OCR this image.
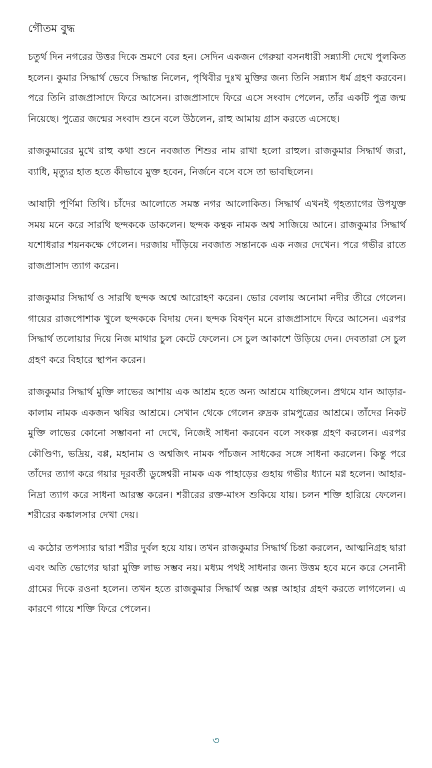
গৌতম বুদ্ধ

চতুর্থ দিন নগরের উত্তর দিকে ভ্রমণে বের হন। সেদিন একজন গেরুয়া বসনধারী সন্ন্যাসী দেখে পুলকিত হলেন। কুমার সিদ্ধার্থ ভেবে সিদ্ধান্ত নিলেন, পৃথিবীর দুঃখ মুক্তির জন্য তিনি সন্ন্যাস ধর্ম গ্রহণ করবেন। পরে তিনি রাজপ্রাসাদে ফিরে আসেন। রাজপ্রাসাদে ফিরে এসে সংবাদ পেলেন, তাঁর একটি পুত্র জন্ম নিয়েছে। পুত্রের জন্মের সংবাদ শুনে বলে উঠলেন, রাহু আমায় গ্রাস করতে এসেছে।

রাজকুমারের মুখে রাহু কথা শুনে নবজাত শিশুর নাম রাখা হলো রাহুল। রাজকুমার সিদ্ধার্থ জরা, ব্যাধি, মৃত্যুর হাত হতে কীভাবে মুক্ত হবেন, নির্জনে বসে বসে তা ভাবছিলেন।

আষাঢ়ী পূর্ণিমা তিথি। চাঁদের আলোতে সমস্ত নগর আলোকিত। সিদ্ধার্থ এখনই গৃহত্যাগের উপযুক্ত সময় মনে করে সারথি ছন্দককে ডাকলেন। ছন্দক কন্থক নামক অশ্ব সাজিয়ে আনে। রাজকুমার সিদ্ধার্থ যশোধরার শয়নকক্ষে গেলেন। দরজায় দাঁড়িয়ে নবজাত সন্তানকে এক নজর দেখেন। পরে গভীর রাতে রাজপ্রাসাদ ত্যাগ করেন।

রাজকুমার সিদ্ধার্থ ও সারথি ছন্দক অশ্বে আরোহণ করেন। ভোর বেলায় অনোমা নদীর তীরে গেলেন। গায়ের রাজপোশাক খুলে ছন্দককে বিদায় দেন। ছন্দক বিষণ্ন মনে রাজপ্রাসাদে ফিরে আসেন। এরপর সিদ্ধার্থ তলোয়ার দিয়ে নিজ মাথার চুল কেটে ফেলেন। সে চুল আকাশে উড়িয়ে দেন। দেবতারা সে চুল গ্রহণ করে বিহারে স্থাপন করেন।

রাজকুমার সিদ্ধার্থ মুক্তি লাভের আশায় এক আশ্রম হতে অন্য আশ্রমে যাচ্ছিলেন। প্রথমে যান আড়ার-কালাম নামক একজন ঋষির আশ্রমে। সেখান থেকে গেলেন রুদ্রক রামপুত্রের আশ্রমে। তাঁদের নিকট মুক্তি লাভের কোনো সম্ভাবনা না দেখে, নিজেই সাধনা করবেন বলে সংকল্প গ্রহণ করলেন। এরপর কৌণ্ডিণ্য, ভদ্রিয়, বপ্প, মহানাম ও অশ্বজিৎ নামক পাঁচজন সাধকের সঙ্গে সাধনা করলেন। কিন্তু পরে তাঁদের ত্যাগ করে গয়ার দূরবর্তী ডুঙ্গেশ্বরী নামক এক পাহাড়ের গুহায় গভীর ধ্যানে মগ্ন হলেন। আহার-নিদ্রা ত্যাগ করে সাধনা আরম্ভ করেন। শরীরের রক্ত-মাংস শুকিয়ে যায়। চলন শক্তি হারিয়ে ফেলেন। শরীরের কঙ্কালসার দেখা দেয়।

এ কঠোর তপস্যার দ্বারা শরীর দুর্বল হয়ে যায়। তখন রাজকুমার সিদ্ধার্থ চিন্তা করলেন, আত্মনিগ্রহ দ্বারা এবং অতি ভোগের দ্বারা মুক্তি লাভ সম্ভব নয়। মধ্যম পথই সাধনার জন্য উত্তম হবে মনে করে সেনানী গ্রামের দিকে রওনা হলেন। তখন হতে রাজকুমার সিদ্ধার্থ অল্প অল্প আহার গ্রহণ করতে লাগলেন। এ কারণে গায়ে শক্তি ফিরে পেলেন।

৩
